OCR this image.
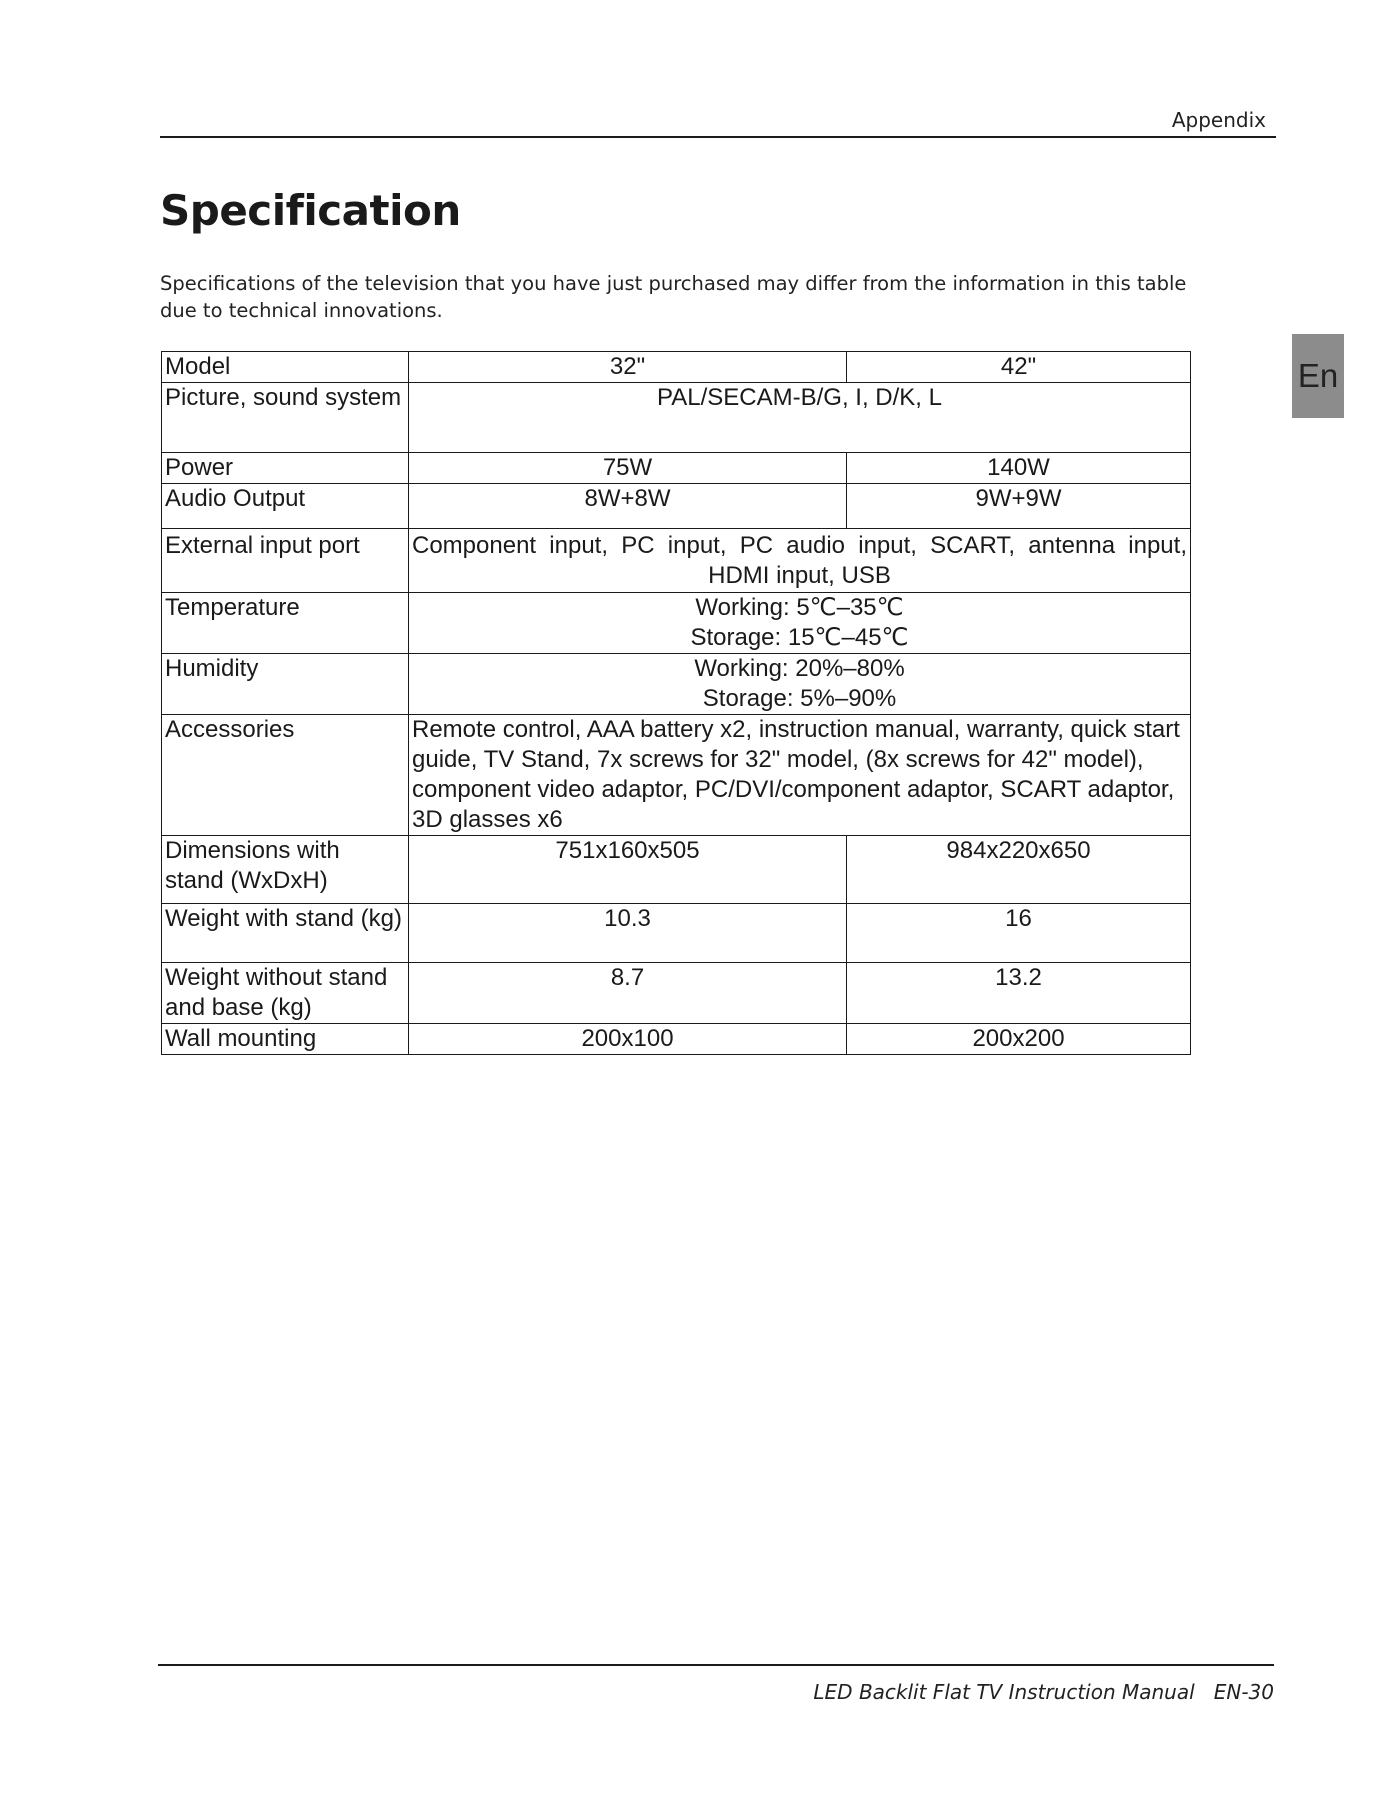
Appendix
Specification

Specifications of the television that you have just purchased may differ from the information in this table due to technical innovations.

En
Model	32"	42"
Picture, sound system	PAL/SECAM-B/G, I, D/K, L	
Power	75W	140W
Audio Output	8W+8W	9W+9W
External input port	Component input, PC input, PC audio input, SCART, antenna input, HDMI input, USB	
Temperature	Working: 5℃–35℃
Storage: 15℃–45℃	

Humidity	Working: 20%–80%
Storage: 5%–90%	

Accessories	Remote control, AAA battery x2, instruction manual, warranty, quick start guide, TV Stand, 7x screws for 32" model, (8x screws for 42" model), component video adaptor, PC/DVI/component adaptor, SCART adaptor, 3D glasses x6	
Dimensions with stand (WxDxH)	751x160x505	984x220x650
Weight with stand (kg)	10.3	16
Weight without stand and base (kg)	8.7	13.2
Wall mounting	200x100	200x200
LED Backlit Flat TV Instruction Manual EN-30
